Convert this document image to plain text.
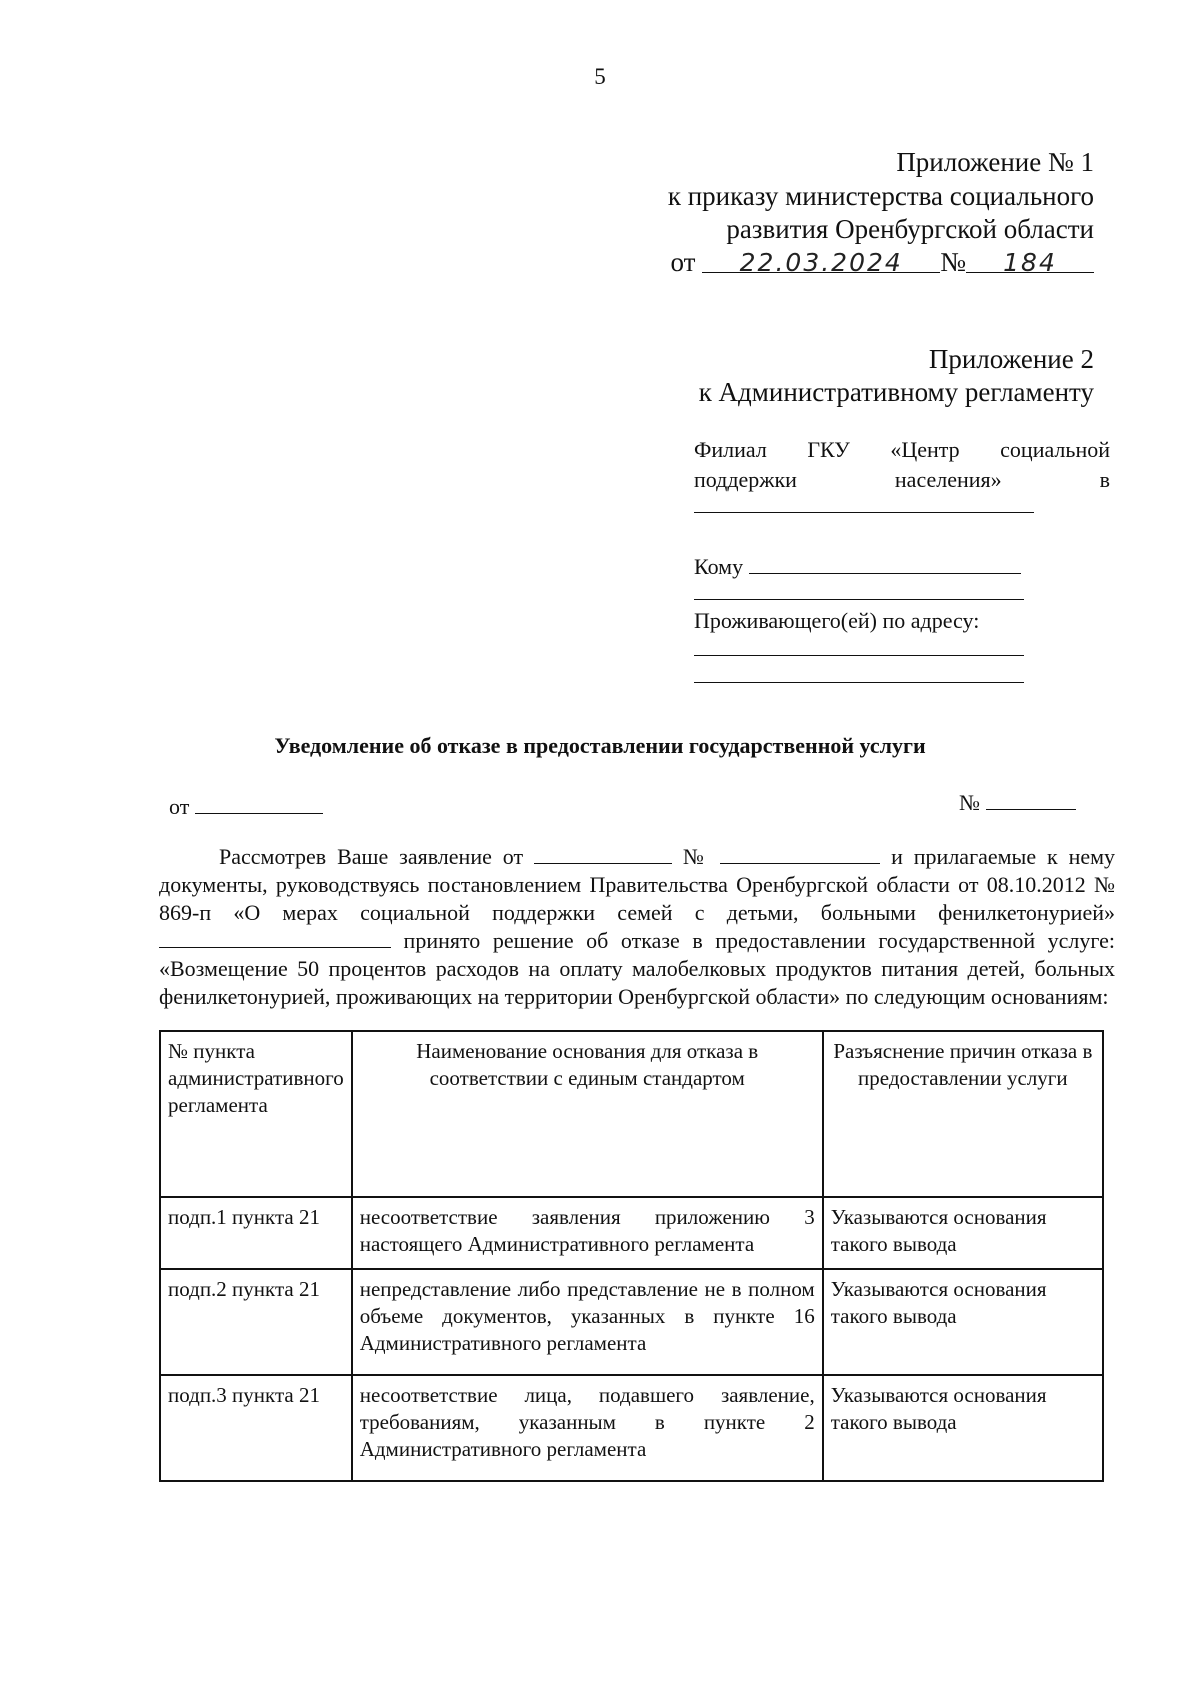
5
Приложение № 1
к приказу министерства социального
развития Оренбургской области
от 22.03.2024 № 184
Приложение 2
к Административному регламенту
Филиал ГКУ «Центр социальной
поддержки населения» в
Кому
Проживающего(ей) по адресу:
Уведомление об отказе в предоставлении государственной услуги
от	№

Рассмотрев Ваше заявление от	№	и прилагаемые к нему документы, руководствуясь постановлением Правительства Оренбургской области от 08.10.2012 № 869-п «О мерах социальной поддержки семей с детьми, больными фенилкетонурией»  принято решение об отказе в предоставлении государственной услуге: «Возмещение 50 процентов расходов на оплату малобелковых продуктов питания детей, больных фенилкетонурией, проживающих на территории Оренбургской области» по следующим основаниям:

№ пункта административного регламента	Наименование основания для отказа в соответствии с единым стандартом	Разъяснение причин отказа в предоставлении услуги
подп.1 пункта 21	несоответствие заявления приложению 3 настоящего Административного регламента	Указываются основания такого вывода
подп.2 пункта 21	непредставление либо представление не в полном объеме документов, указанных в пункте 16 Административного регламента	Указываются основания такого вывода
подп.3 пункта 21	несоответствие лица, подавшего заявление, требованиям, указанным в пункте 2 Административного регламента	Указываются основания такого вывода
